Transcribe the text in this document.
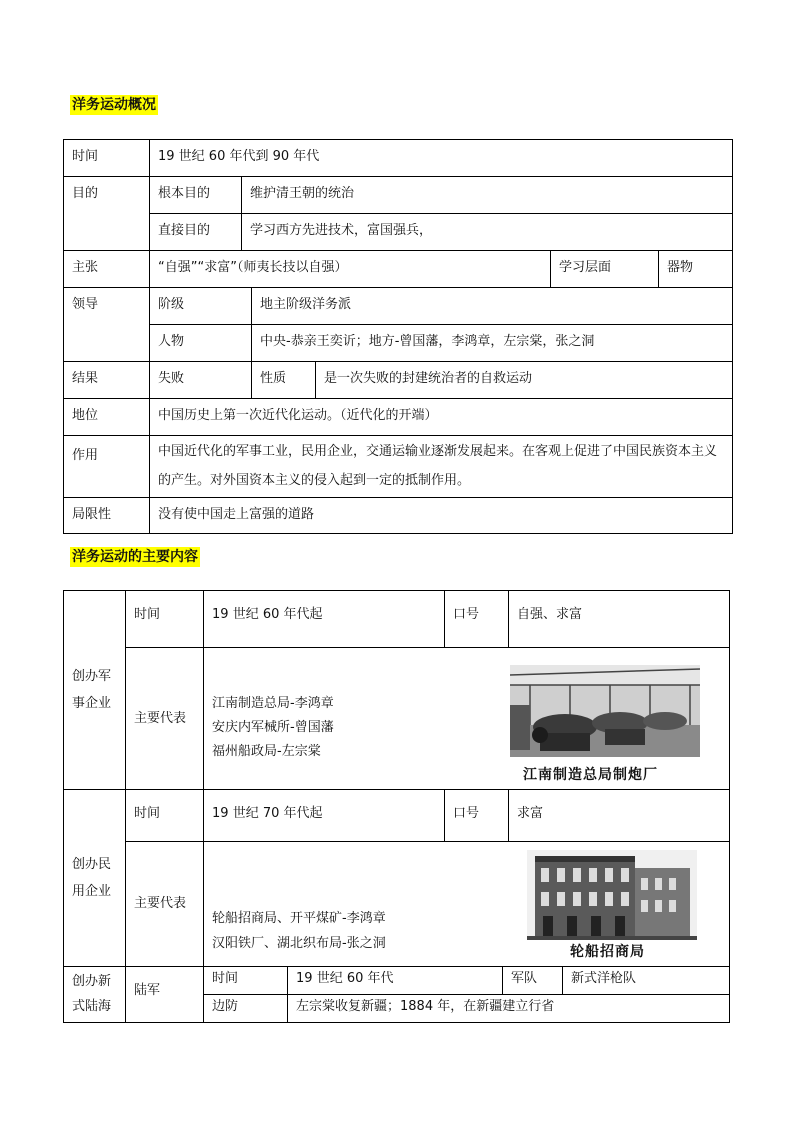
洋务运动概况
时间	19 世纪 60 年代到 90 年代					
目的	根本目的	维护清王朝的统治				
	直接目的	学习西方先进技术，富国强兵，				
主张	“自强”“求富”（师夷长技以自强）				学习层面	器物
领导	阶级		地主阶级洋务派			
	人物		中央-恭亲王奕䜣；地方-曾国藩，李鸿章，左宗棠，张之洞			
结果	失败		性质	是一次失败的封建统治者的自救运动		
地位	中国历史上第一次近代化运动。（近代化的开端）					
作用	中国近代化的军事工业，民用企业，交通运输业逐渐发展起来。在客观上促进了中国民族资本主义的产生。对外国资本主义的侵入起到一定的抵制作用。					
局限性	没有使中国走上富强的道路					
洋务运动的主要内容
创办军事企业	时间	19 世纪 60 年代起		口号		自强、求富	
	主要代表	江南制造总局-李鸿章
安庆内军械所-曾国藩
福州船政局-左宗棠					

创办民用企业	时间	19 世纪 70 年代起		口号		求富	
	主要代表	轮船招商局、开平煤矿-李鸿章
汉阳铁厂、湖北织布局-张之洞					

创办新式陆海	陆军	时间	19 世纪 60 年代		军队		新式洋枪队
		边防	左宗棠收复新疆；1884 年，在新疆建立行省				
江南制造总局制炮厂
轮船招商局
